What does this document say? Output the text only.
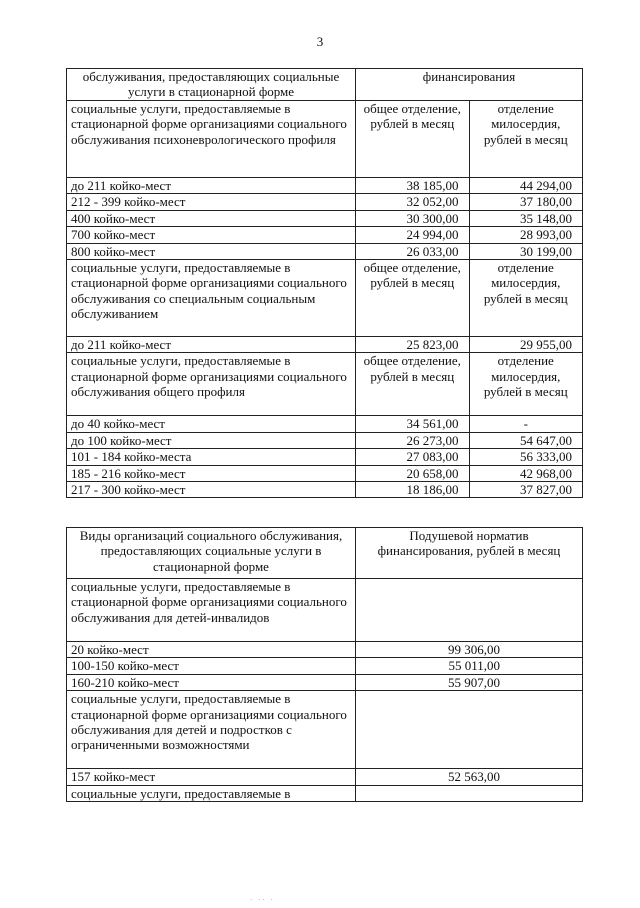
3
обслуживания, предоставляющих социальные услуги в стационарной форме	финансирования	
социальные услуги, предоставляемые в стационарной форме организациями социального обслуживания психоневрологического профиля	общее отделение, рублей в месяц	отделение милосердия, рублей в месяц
до 211 койко-мест	38 185,00	44 294,00
212 - 399 койко-мест	32 052,00	37 180,00
400 койко-мест	30 300,00	35 148,00
700 койко-мест	24 994,00	28 993,00
800 койко-мест	26 033,00	30 199,00
социальные услуги, предоставляемые в стационарной форме организациями социального обслуживания со специальным социальным обслуживанием	общее отделение, рублей в месяц	отделение милосердия, рублей в месяц
до 211 койко-мест	25 823,00	29 955,00
социальные услуги, предоставляемые в стационарной форме организациями социального обслуживания общего профиля	общее отделение, рублей в месяц	отделение милосердия, рублей в месяц
до 40 койко-мест	34 561,00	-
до 100 койко-мест	26 273,00	54 647,00
101 - 184 койко-места	27 083,00	56 333,00
185 - 216 койко-мест	20 658,00	42 968,00
217 - 300 койко-мест	18 186,00	37 827,00
Виды организаций социального обслуживания, предоставляющих социальные услуги в стационарной форме	Подушевой норматив финансирования, рублей в месяц
социальные услуги, предоставляемые в стационарной форме организациями социального обслуживания для детей-инвалидов	
20 койко-мест	99 306,00
100-150 койко-мест	55 011,00
160-210 койко-мест	55 907,00
социальные услуги, предоставляемые в стационарной форме организациями социального обслуживания для детей и подростков с ограниченными возможностями	
157 койко-мест	52 563,00
социальные услуги, предоставляемые в	
· ·· ·
